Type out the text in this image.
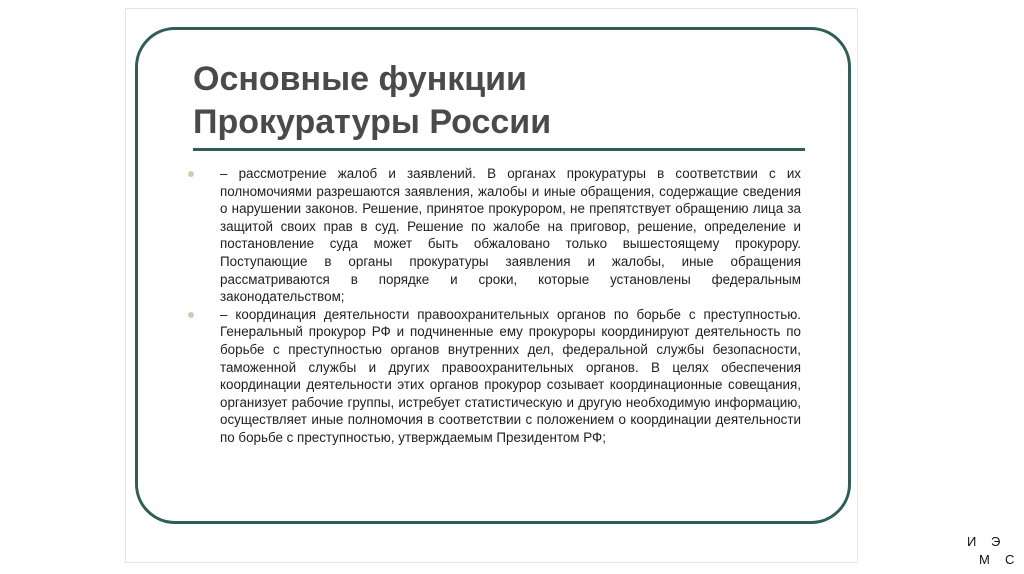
Основные функции
Прокуратуры России
– рассмотрение жалоб и заявлений. В органах прокуратуры в соответствии с их полномочиями разрешаются заявления, жалобы и иные обращения, содержащие сведения о нарушении законов. Решение, принятое прокурором, не препятствует обращению лица за защитой своих прав в суд. Решение по жалобе на приговор, решение, определение и постановление суда может быть обжаловано только вышестоящему прокурору. Поступающие в органы прокуратуры заявления и жалобы, иные обращения рассматриваются в порядке и сроки, которые установлены федеральным законодательством;
– координация деятельности правоохранительных органов по борьбе с преступностью. Генеральный прокурор РФ и подчиненные ему прокуроры координируют деятельность по борьбе с преступностью органов внутренних дел, федеральной службы безопасности, таможенной службы и других правоохранительных органов. В целях обеспечения координации деятельности этих органов прокурор созывает координационные совещания, организует рабочие группы, истребует статистическую и другую необходимую информацию, осуществляет иные полномочия в соответствии с положением о координации деятельности по борьбе с преступностью, утверждаемым Президентом РФ;
И Э
М С
